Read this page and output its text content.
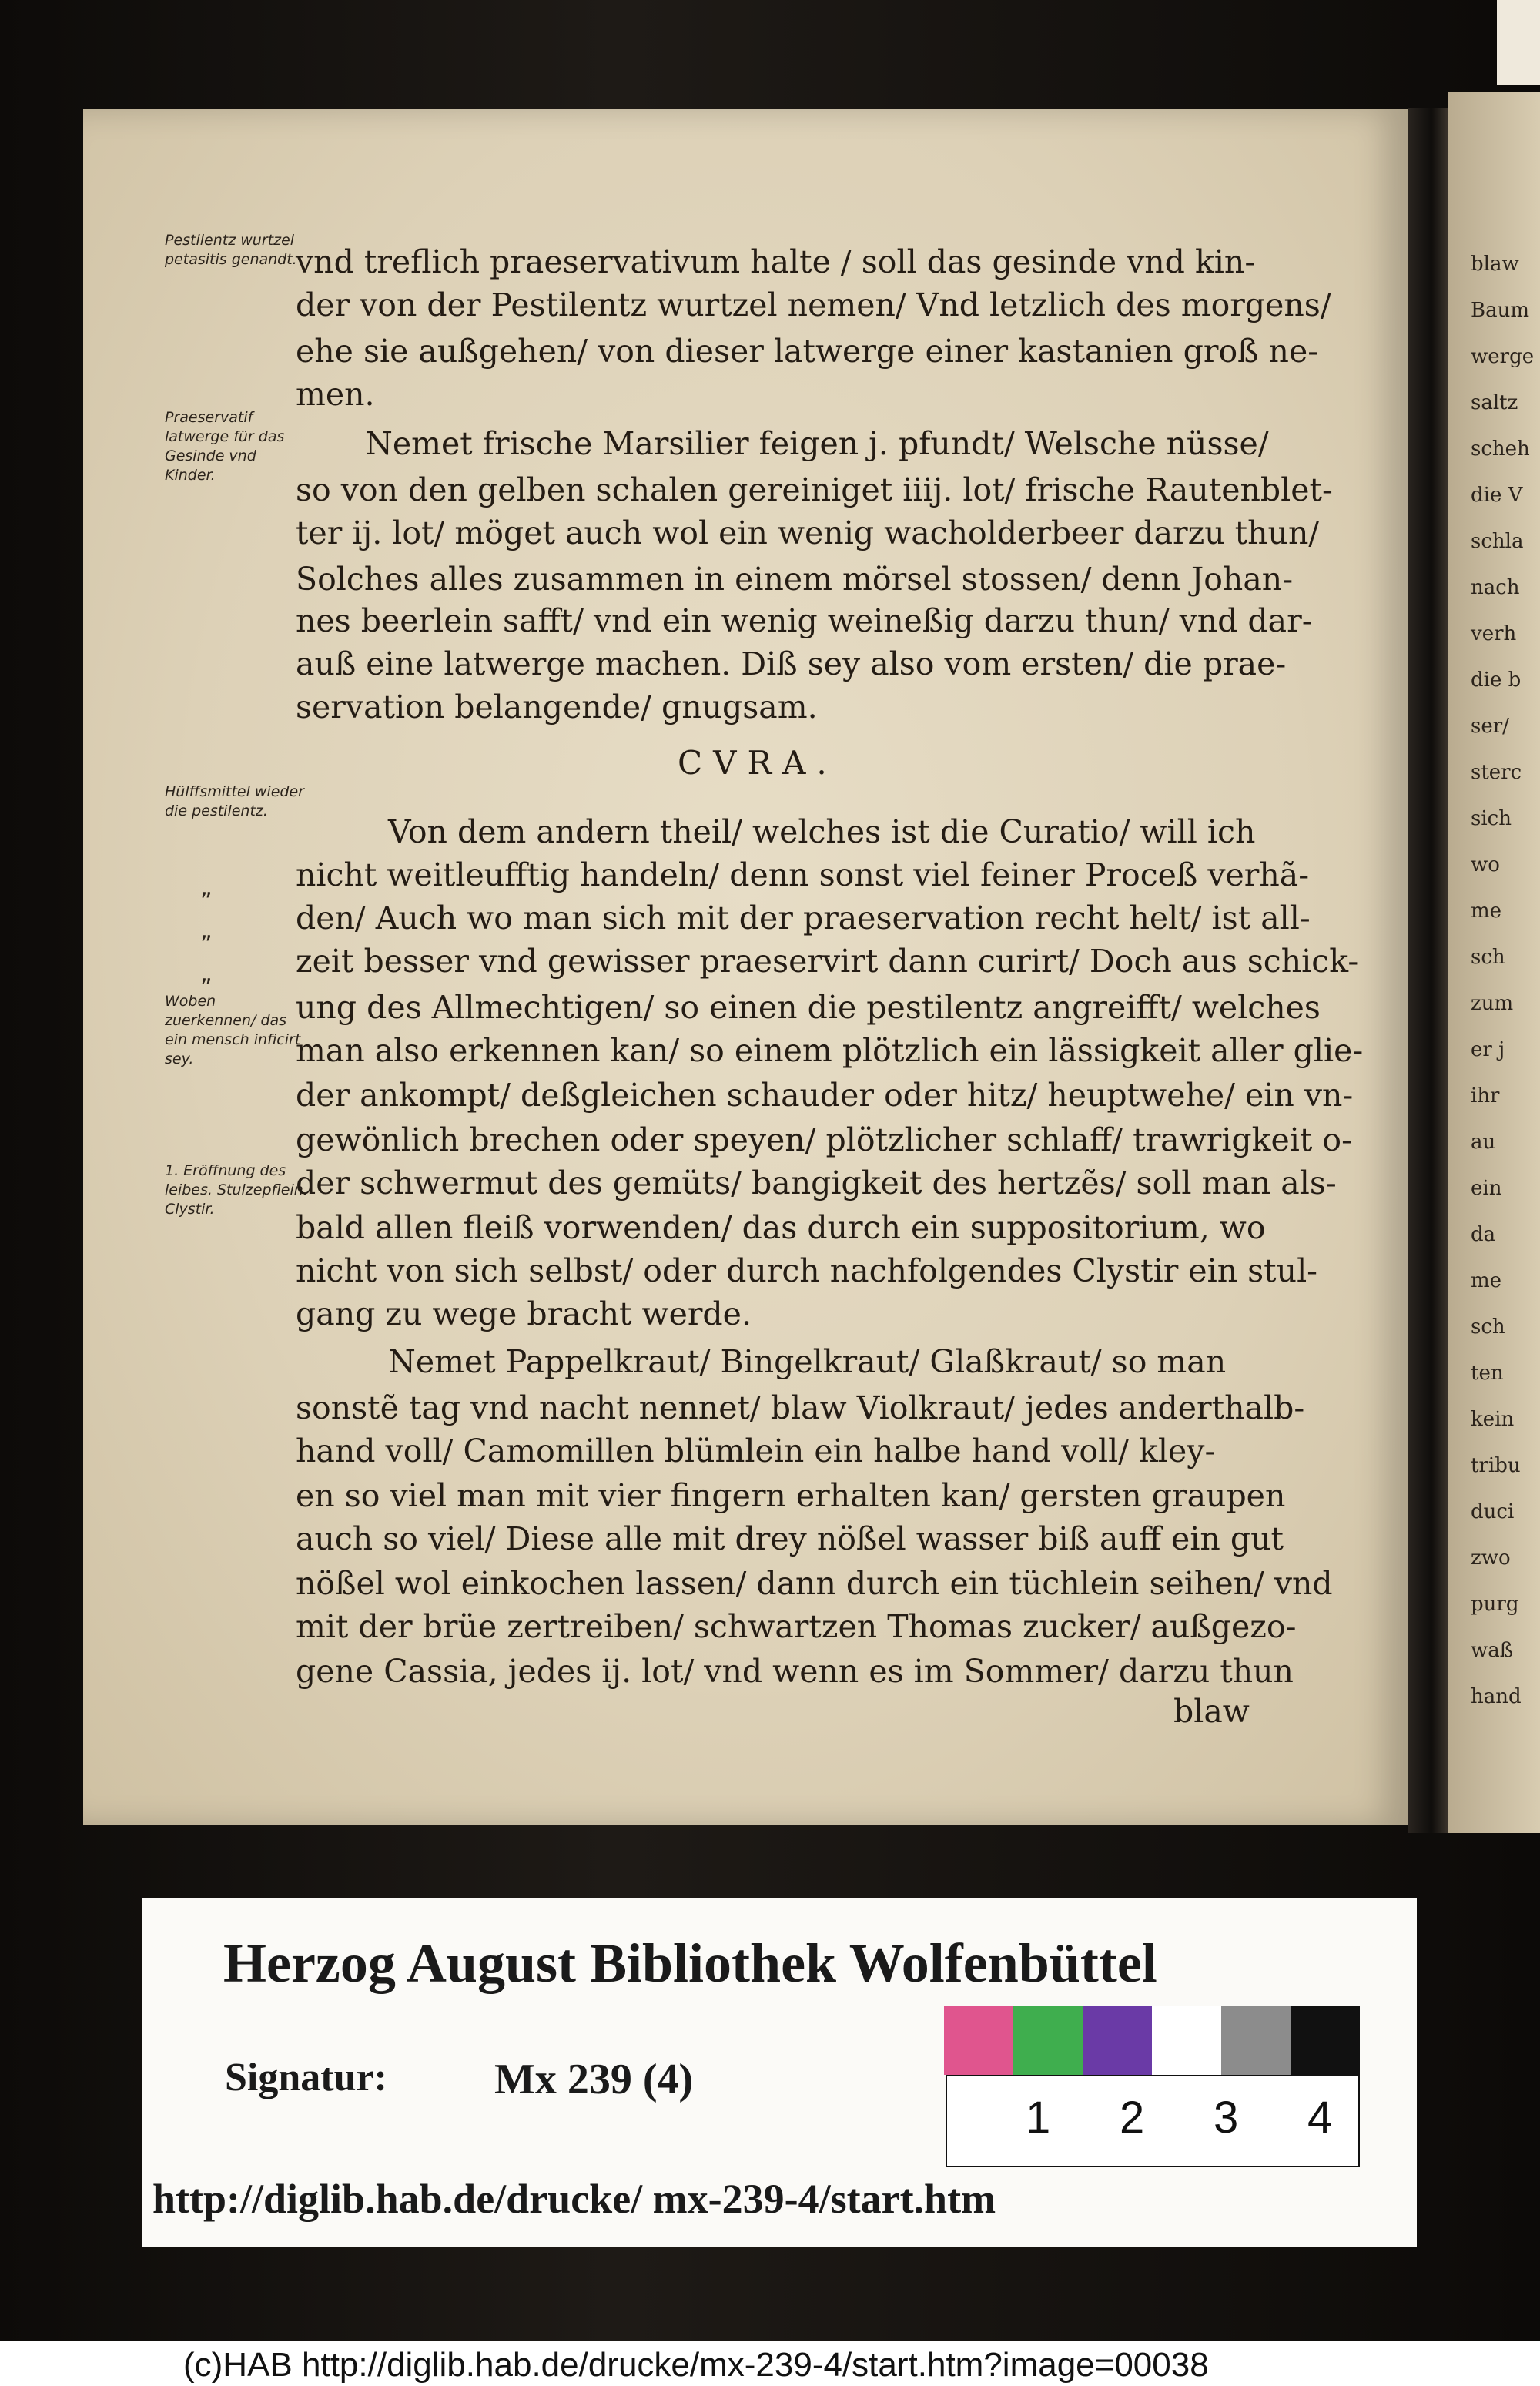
Pestilentz wurtzel petasitis genandt.
Praeservatif latwerge für das Gesinde vnd Kinder.
Hülffsmittel wieder die pestilentz.
„
„
„
Woben zuerkennen/ das ein mensch inficirt sey.
1. Eröffnung des leibes. Stulzepflein. Clystir.
vnd treflich praeservativum halte / soll das gesinde vnd kin-
der von der Pestilentz wurtzel nemen/ Vnd letzlich des morgens/
ehe sie außgehen/ von dieser latwerge einer kastanien groß ne-
men.
Nemet frische Marsilier feigen j. pfundt/ Welsche nüsse/
so von den gelben schalen gereiniget iiij. lot/ frische Rautenblet-
ter ij. lot/ möget auch wol ein wenig wacholderbeer darzu thun/
Solches alles zusammen in einem mörsel stossen/ denn Johan-
nes beerlein safft/ vnd ein wenig weineßig darzu thun/ vnd dar-
auß eine latwerge machen. Diß sey also vom ersten/ die prae-
servation belangende/ gnugsam.
Von dem andern theil/ welches ist die Curatio/ will ich
nicht weitleufftig handeln/ denn sonst viel feiner Proceß verhã-
den/ Auch wo man sich mit der praeservation recht helt/ ist all-
zeit besser vnd gewisser praeservirt dann curirt/ Doch aus schick-
ung des Allmechtigen/ so einen die pestilentz angreifft/ welches
man also erkennen kan/ so einem plötzlich ein lässigkeit aller glie-
der ankompt/ deßgleichen schauder oder hitz/ heuptwehe/ ein vn-
gewönlich brechen oder speyen/ plötzlicher schlaff/ trawrigkeit o-
der schwermut des gemüts/ bangigkeit des hertzẽs/ soll man als-
bald allen fleiß vorwenden/ das durch ein suppositorium, wo
nicht von sich selbst/ oder durch nachfolgendes Clystir ein stul-
gang zu wege bracht werde.
Nemet Pappelkraut/ Bingelkraut/ Glaßkraut/ so man
sonstẽ tag vnd nacht nennet/ blaw Violkraut/ jedes anderthalb-
hand voll/ Camomillen blümlein ein halbe hand voll/ kley-
en so viel man mit vier fingern erhalten kan/ gersten graupen
auch so viel/ Diese alle mit drey nößel wasser biß auff ein gut
nößel wol einkochen lassen/ dann durch ein tüchlein seihen/ vnd
mit der brüe zertreiben/ schwartzen Thomas zucker/ außgezo-
gene Cassia, jedes ij. lot/ vnd wenn es im Sommer/ darzu thun
blaw
CVRA.
blaw
Baum
werge
saltz
scheh
die V
schla
nach
verh
die b
ser/
sterc
sich
wo
me
sch
zum
er j
ihr
au
ein
da
me
sch
ten
kein
tribu
duci
zwo
purg
waß
hand
Herzog August Bibliothek Wolfenbüttel
Signatur: Mx 239 (4)
http://diglib.hab.de/drucke/ mx-239-4/start.htm
1 2 3 4
(c)HAB http://diglib.hab.de/drucke/mx-239-4/start.htm?image=00038
